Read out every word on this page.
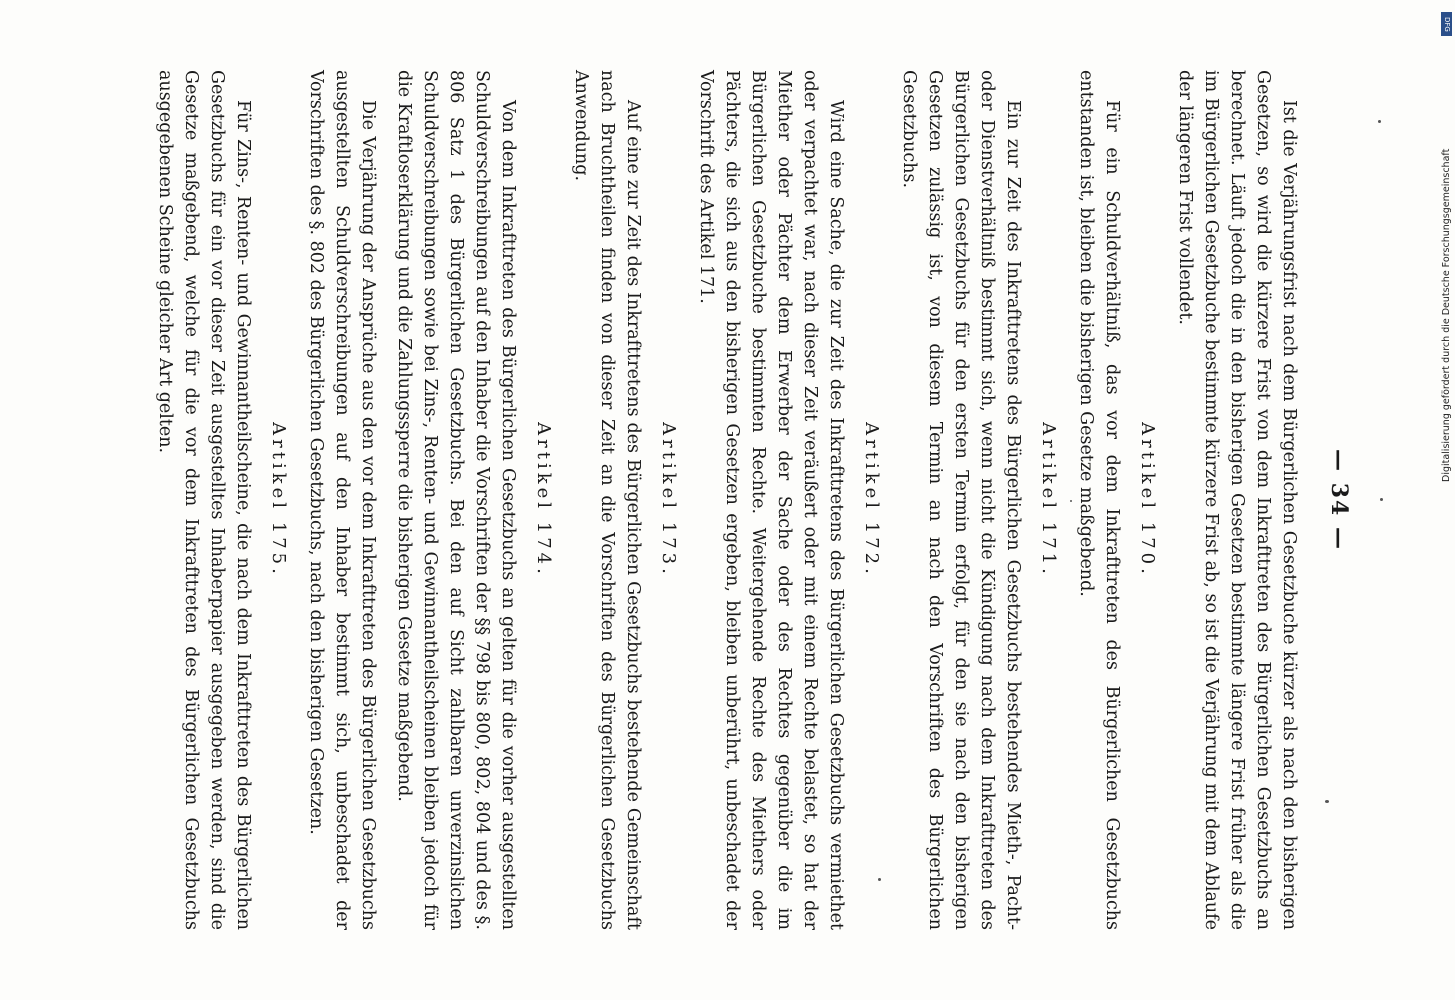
— 34 —

Ist die Verjährungsfrist nach dem Bürgerlichen Gesetzbuche kürzer als nach den bisherigen Gesetzen, so wird die kürzere Frist von dem Inkrafttreten des Bürgerlichen Gesetzbuchs an berechnet. Läuft jedoch die in den bisherigen Gesetzen bestimmte längere Frist früher als die im Bürgerlichen Gesetzbuche bestimmte kürzere Frist ab, so ist die Verjährung mit dem Ablaufe der längeren Frist vollendet.

Artikel 170.

Für ein Schuldverhältniß, das vor dem Inkrafttreten des Bürgerlichen Gesetzbuchs entstanden ist, bleiben die bisherigen Gesetze maßgebend.

Artikel 171.

Ein zur Zeit des Inkrafttretens des Bürgerlichen Gesetzbuchs bestehendes Mieth-, Pacht- oder Dienstverhältniß bestimmt sich, wenn nicht die Kündigung nach dem Inkrafttreten des Bürgerlichen Gesetzbuchs für den ersten Termin erfolgt, für den sie nach den bisherigen Gesetzen zulässig ist, von diesem Termin an nach den Vorschriften des Bürgerlichen Gesetzbuchs.

Artikel 172.

Wird eine Sache, die zur Zeit des Inkrafttretens des Bürgerlichen Gesetzbuchs vermiethet oder verpachtet war, nach dieser Zeit veräußert oder mit einem Rechte belastet, so hat der Miether oder Pächter dem Erwerber der Sache oder des Rechtes gegenüber die im Bürgerlichen Gesetzbuche bestimmten Rechte. Weitergehende Rechte des Miethers oder Pächters, die sich aus den bisherigen Gesetzen ergeben, bleiben unberührt, unbeschadet der Vorschrift des Artikel 171.

Artikel 173.

Auf eine zur Zeit des Inkrafttretens des Bürgerlichen Gesetzbuchs bestehende Gemeinschaft nach Bruchtheilen finden von dieser Zeit an die Vorschriften des Bürgerlichen Gesetzbuchs Anwendung.

Artikel 174.

Von dem Inkrafttreten des Bürgerlichen Gesetzbuchs an gelten für die vorher ausgestellten Schuldverschreibungen auf den Inhaber die Vorschriften der §§ 798 bis 800, 802, 804 und des §. 806 Satz 1 des Bürgerlichen Gesetzbuchs. Bei den auf Sicht zahlbaren unverzinslichen Schuldverschreibungen sowie bei Zins-, Renten- und Gewinnantheilscheinen bleiben jedoch für die Kraftloserklärung und die Zahlungssperre die bisherigen Gesetze maßgebend.

Die Verjährung der Ansprüche aus den vor dem Inkrafttreten des Bürgerlichen Gesetzbuchs ausgestellten Schuldverschreibungen auf den Inhaber bestimmt sich, unbeschadet der Vorschriften des §. 802 des Bürgerlichen Gesetzbuchs, nach den bisherigen Gesetzen.

Artikel 175.

Für Zins-, Renten- und Gewinnantheilscheine, die nach dem Inkrafttreten des Bürgerlichen Gesetzbuchs für ein vor dieser Zeit ausgestelltes Inhaberpapier ausgegeben werden, sind die Gesetze maßgebend, welche für die vor dem Inkrafttreten des Bürgerlichen Gesetzbuchs ausgegebenen Scheine gleicher Art gelten.

DFG
Digitalisierung gefördert durch die Deutsche Forschungsgemeinschaft
